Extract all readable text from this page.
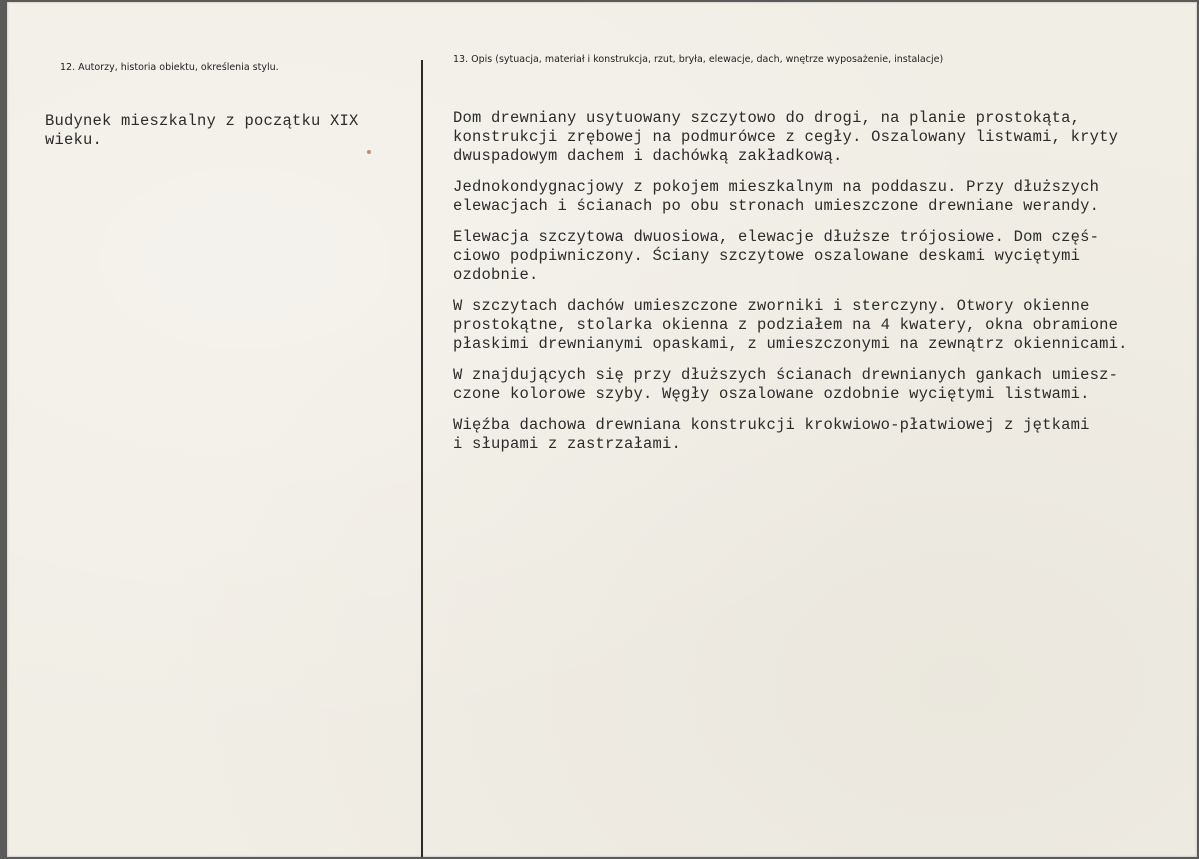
12. Autorzy, historia obiektu, określenia stylu.
13. Opis (sytuacja, materiał i konstrukcja, rzut, bryła, elewacje, dach, wnętrze wyposażenie, instalacje)

Budynek mieszkalny z początku XIX
wieku.

Dom drewniany usytuowany szczytowo do drogi, na planie prostokąta,
konstrukcji zrębowej na podmurówce z cegły. Oszalowany listwami, kryty
dwuspadowym dachem i dachówką zakładkową.

Jednokondygnacjowy z pokojem mieszkalnym na poddaszu. Przy dłuższych
elewacjach i ścianach po obu stronach umieszczone drewniane werandy.

Elewacja szczytowa dwuosiowa, elewacje dłuższe trójosiowe. Dom częś-
ciowo podpiwniczony. Ściany szczytowe oszalowane deskami wyciętymi
ozdobnie.

W szczytach dachów umieszczone zworniki i sterczyny. Otwory okienne
prostokątne, stolarka okienna z podziałem na 4 kwatery, okna obramione
płaskimi drewnianymi opaskami, z umieszczonymi na zewnątrz okiennicami.

W znajdujących się przy dłuższych ścianach drewnianych gankach umiesz-
czone kolorowe szyby. Węgły oszalowane ozdobnie wyciętymi listwami.

Więźba dachowa drewniana konstrukcji krokwiowo-płatwiowej z jętkami
i słupami z zastrzałami.
